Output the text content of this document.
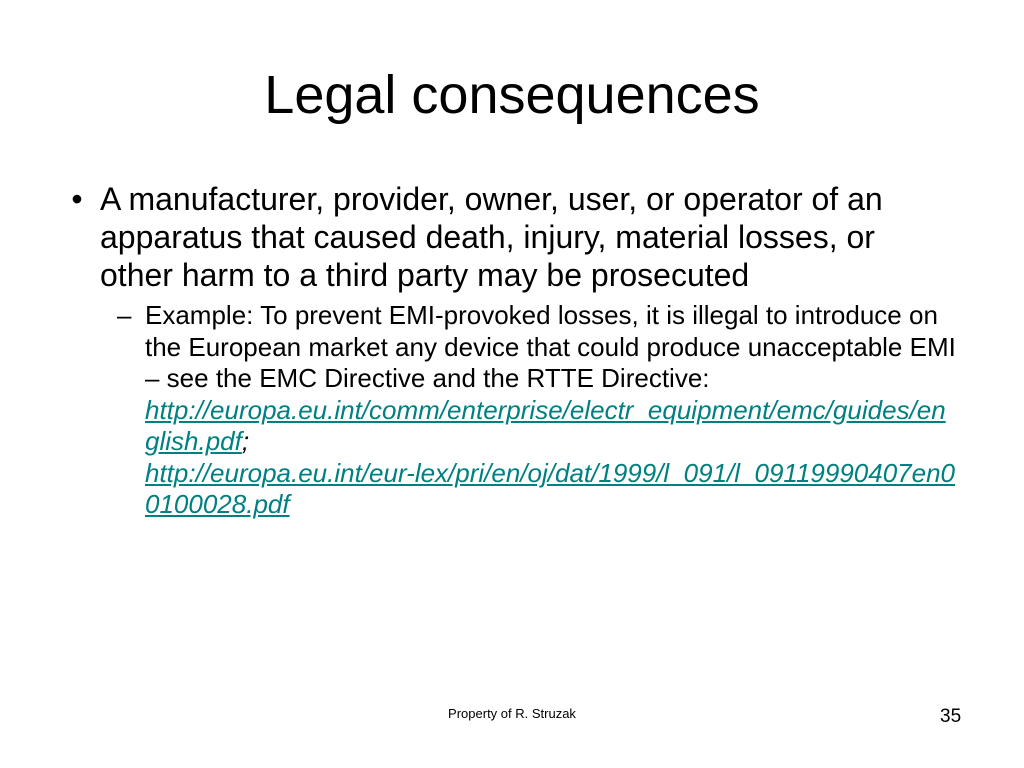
Legal consequences
• A manufacturer, provider, owner, user, or operator of an apparatus that caused death, injury, material losses, or other harm to a third party may be prosecuted
– Example: To prevent EMI-provoked losses, it is illegal to introduce on the European market any device that could produce unacceptable EMI – see the EMC Directive and the RTTE Directive:
http://europa.eu.int/comm/enterprise/electr_equipment/emc/guides/english.pdf;
http://europa.eu.int/eur-lex/pri/en/oj/dat/1999/l_091/l_09119990407en00100028.pdf
Property of R. Struzak	35
